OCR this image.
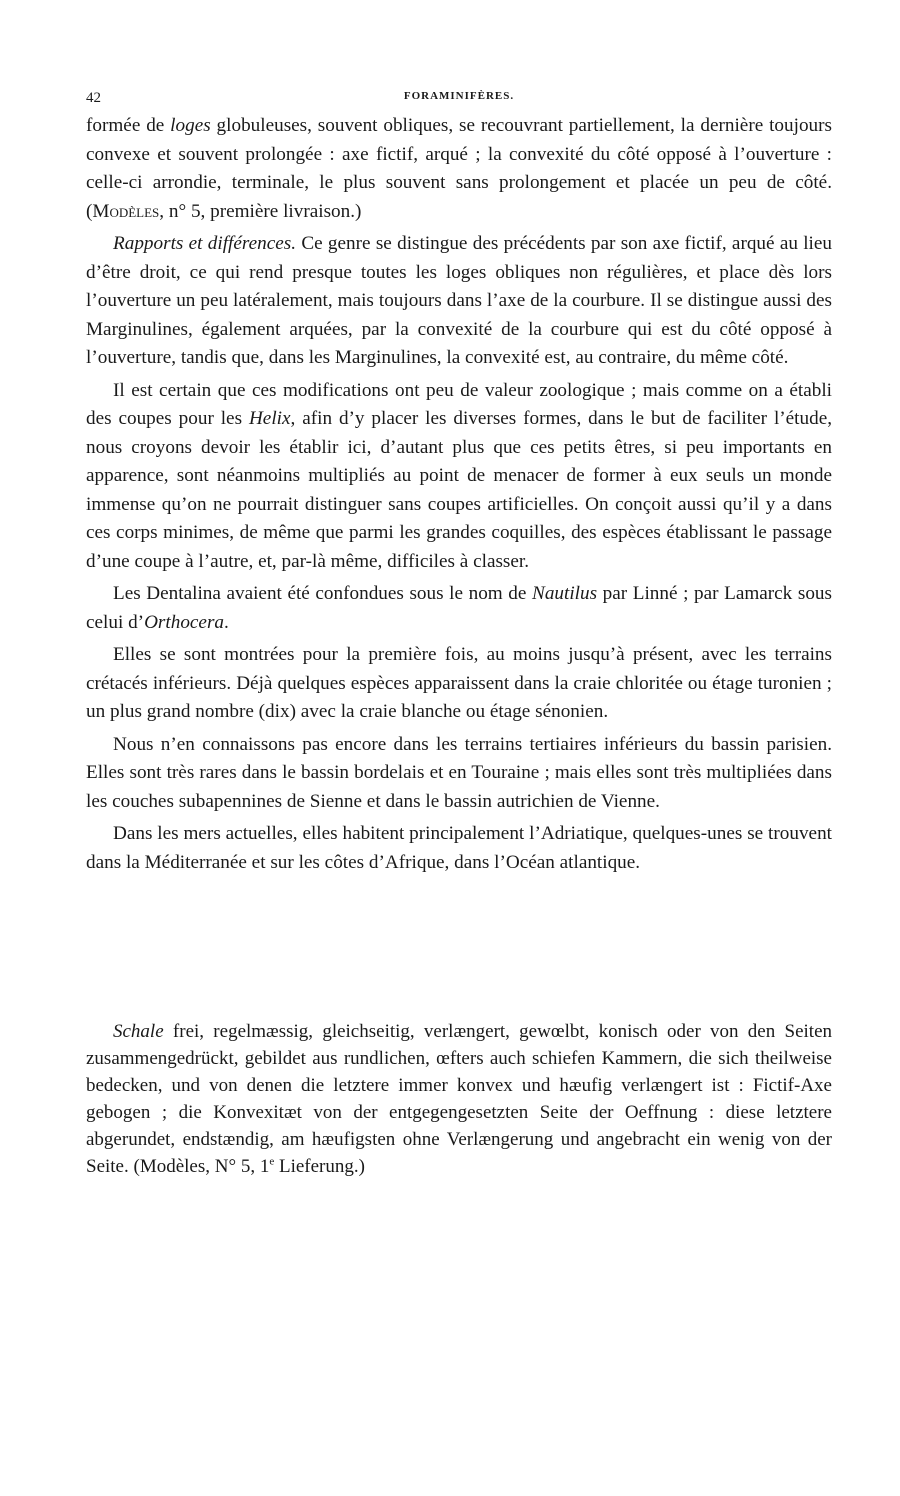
42	FORAMINIFÈRES.

formée de loges globuleuses, souvent obliques, se recouvrant partiellement, la dernière toujours convexe et souvent prolongée : axe fictif, arqué ; la convexité du côté opposé à l’ouverture : celle-ci arrondie, terminale, le plus souvent sans prolongement et placée un peu de côté. (Modèles, n° 5, première livraison.)

Rapports et différences. Ce genre se distingue des précédents par son axe fictif, arqué au lieu d’être droit, ce qui rend presque toutes les loges obliques non régulières, et place dès lors l’ouverture un peu latéralement, mais toujours dans l’axe de la courbure. Il se distingue aussi des Marginulines, également arquées, par la convexité de la courbure qui est du côté opposé à l’ouverture, tandis que, dans les Marginulines, la convexité est, au contraire, du même côté.

Il est certain que ces modifications ont peu de valeur zoologique ; mais comme on a établi des coupes pour les Helix, afin d’y placer les diverses formes, dans le but de faciliter l’étude, nous croyons devoir les établir ici, d’autant plus que ces petits êtres, si peu importants en apparence, sont néanmoins multipliés au point de menacer de former à eux seuls un monde immense qu’on ne pourrait distinguer sans coupes artificielles. On conçoit aussi qu’il y a dans ces corps minimes, de même que parmi les grandes coquilles, des espèces établissant le passage d’une coupe à l’autre, et, par-là même, difficiles à classer.

Les Dentalina avaient été confondues sous le nom de Nautilus par Linné ; par Lamarck sous celui d’Orthocera.

Elles se sont montrées pour la première fois, au moins jusqu’à présent, avec les terrains crétacés inférieurs. Déjà quelques espèces apparaissent dans la craie chloritée ou étage turonien ; un plus grand nombre (dix) avec la craie blanche ou étage sénonien.

Nous n’en connaissons pas encore dans les terrains tertiaires inférieurs du bassin parisien. Elles sont très rares dans le bassin bordelais et en Touraine ; mais elles sont très multipliées dans les couches subapennines de Sienne et dans le bassin autrichien de Vienne.

Dans les mers actuelles, elles habitent principalement l’Adriatique, quelques-unes se trouvent dans la Méditerranée et sur les côtes d’Afrique, dans l’Océan atlantique.

Schale frei, regelmæssig, gleichseitig, verlængert, gewœlbt, konisch oder von den Seiten zusammengedrückt, gebildet aus rundlichen, œfters auch schiefen Kammern, die sich theilweise bedecken, und von denen die letztere immer konvex und hæufig verlængert ist : Fictif-Axe gebogen ; die Konvexitæt von der entgegengesetzten Seite der Oeffnung : diese letztere abgerundet, endstændig, am hæufigsten ohne Verlængerung und angebracht ein wenig von der Seite. (Modèles, N° 5, 1e Lieferung.)
